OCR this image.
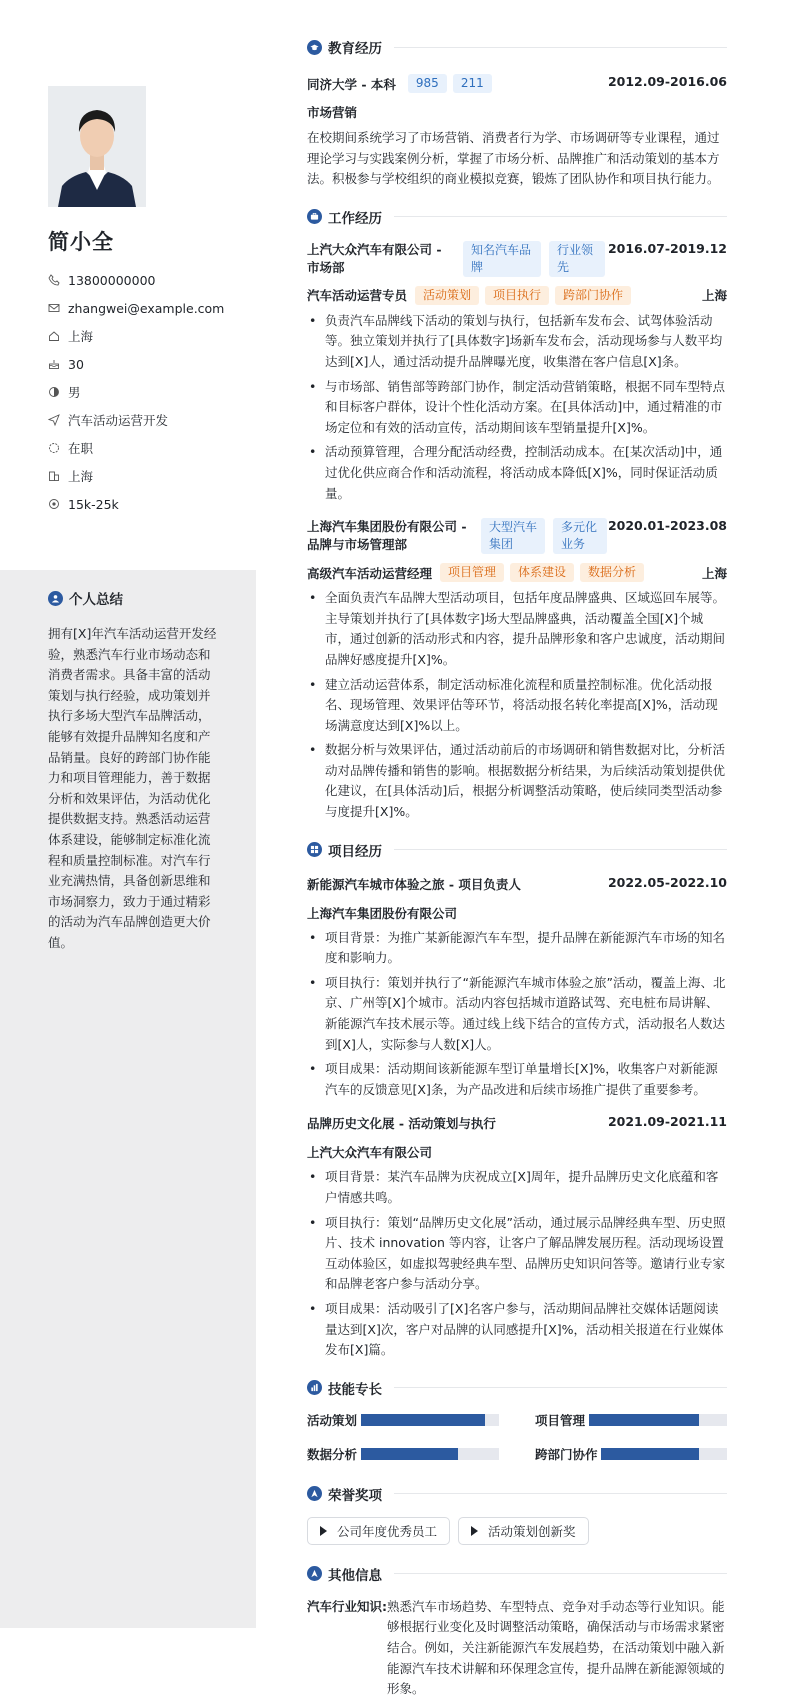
简小全
13800000000
zhangwei@example.com
上海
30
男
汽车活动运营开发
在职
上海
15k-25k
个人总结
拥有[X]年汽车活动运营开发经验，熟悉汽车行业市场动态和消费者需求。具备丰富的活动策划与执行经验，成功策划并执行多场大型汽车品牌活动，能够有效提升品牌知名度和产品销量。良好的跨部门协作能力和项目管理能力，善于数据分析和效果评估，为活动优化提供数据支持。熟悉活动运营体系建设，能够制定标准化流程和质量控制标准。对汽车行业充满热情，具备创新思维和市场洞察力，致力于通过精彩的活动为汽车品牌创造更大价值。
教育经历
同济大学 - 本科	985	211	2012.09-2016.06
市场营销
在校期间系统学习了市场营销、消费者行为学、市场调研等专业课程，通过理论学习与实践案例分析，掌握了市场分析、品牌推广和活动策划的基本方法。积极参与学校组织的商业模拟竞赛，锻炼了团队协作和项目执行能力。
工作经历
上汽大众汽车有限公司 - 市场部
知名汽车品牌
行业领先
2016.07-2019.12
汽车活动运营专员	活动策划	项目执行	跨部门协作	上海
• 负责汽车品牌线下活动的策划与执行，包括新车发布会、试驾体验活动等。独立策划并执行了[具体数字]场新车发布会，活动现场参与人数平均达到[X]人，通过活动提升品牌曝光度，收集潜在客户信息[X]条。
• 与市场部、销售部等跨部门协作，制定活动营销策略，根据不同车型特点和目标客户群体，设计个性化活动方案。在[具体活动]中，通过精准的市场定位和有效的活动宣传，活动期间该车型销量提升[X]%。
• 活动预算管理，合理分配活动经费，控制活动成本。在[某次活动]中，通过优化供应商合作和活动流程，将活动成本降低[X]%，同时保证活动质量。
上海汽车集团股份有限公司 - 品牌与市场管理部
大型汽车集团
多元化业务
2020.01-2023.08
高级汽车活动运营经理	项目管理	体系建设	数据分析	上海
• 全面负责汽车品牌大型活动项目，包括年度品牌盛典、区域巡回车展等。主导策划并执行了[具体数字]场大型品牌盛典，活动覆盖全国[X]个城市，通过创新的活动形式和内容，提升品牌形象和客户忠诚度，活动期间品牌好感度提升[X]%。
• 建立活动运营体系，制定活动标准化流程和质量控制标准。优化活动报名、现场管理、效果评估等环节，将活动报名转化率提高[X]%，活动现场满意度达到[X]%以上。
• 数据分析与效果评估，通过活动前后的市场调研和销售数据对比，分析活动对品牌传播和销售的影响。根据数据分析结果，为后续活动策划提供优化建议，在[具体活动]后，根据分析调整活动策略，使后续同类型活动参与度提升[X]%。
项目经历
新能源汽车城市体验之旅 - 项目负责人	2022.05-2022.10
上海汽车集团股份有限公司
• 项目背景：为推广某新能源汽车车型，提升品牌在新能源汽车市场的知名度和影响力。
• 项目执行：策划并执行了“新能源汽车城市体验之旅”活动，覆盖上海、北京、广州等[X]个城市。活动内容包括城市道路试驾、充电桩布局讲解、新能源汽车技术展示等。通过线上线下结合的宣传方式，活动报名人数达到[X]人，实际参与人数[X]人。
• 项目成果：活动期间该新能源车型订单量增长[X]%，收集客户对新能源汽车的反馈意见[X]条，为产品改进和后续市场推广提供了重要参考。
品牌历史文化展 - 活动策划与执行	2021.09-2021.11
上汽大众汽车有限公司
• 项目背景：某汽车品牌为庆祝成立[X]周年，提升品牌历史文化底蕴和客户情感共鸣。
• 项目执行：策划“品牌历史文化展”活动，通过展示品牌经典车型、历史照片、技术 innovation 等内容，让客户了解品牌发展历程。活动现场设置互动体验区，如虚拟驾驶经典车型、品牌历史知识问答等。邀请行业专家和品牌老客户参与活动分享。
• 项目成果：活动吸引了[X]名客户参与，活动期间品牌社交媒体话题阅读量达到[X]次，客户对品牌的认同感提升[X]%，活动相关报道在行业媒体发布[X]篇。
技能专长
活动策划	项目管理
数据分析	跨部门协作
荣誉奖项
公司年度优秀员工	活动策划创新奖
其他信息
汽车行业知识: 熟悉汽车市场趋势、车型特点、竞争对手动态等行业知识。能够根据行业变化及时调整活动策略，确保活动与市场需求紧密结合。例如，关注新能源汽车发展趋势，在活动策划中融入新能源汽车技术讲解和环保理念宣传，提升品牌在新能源领域的形象。
